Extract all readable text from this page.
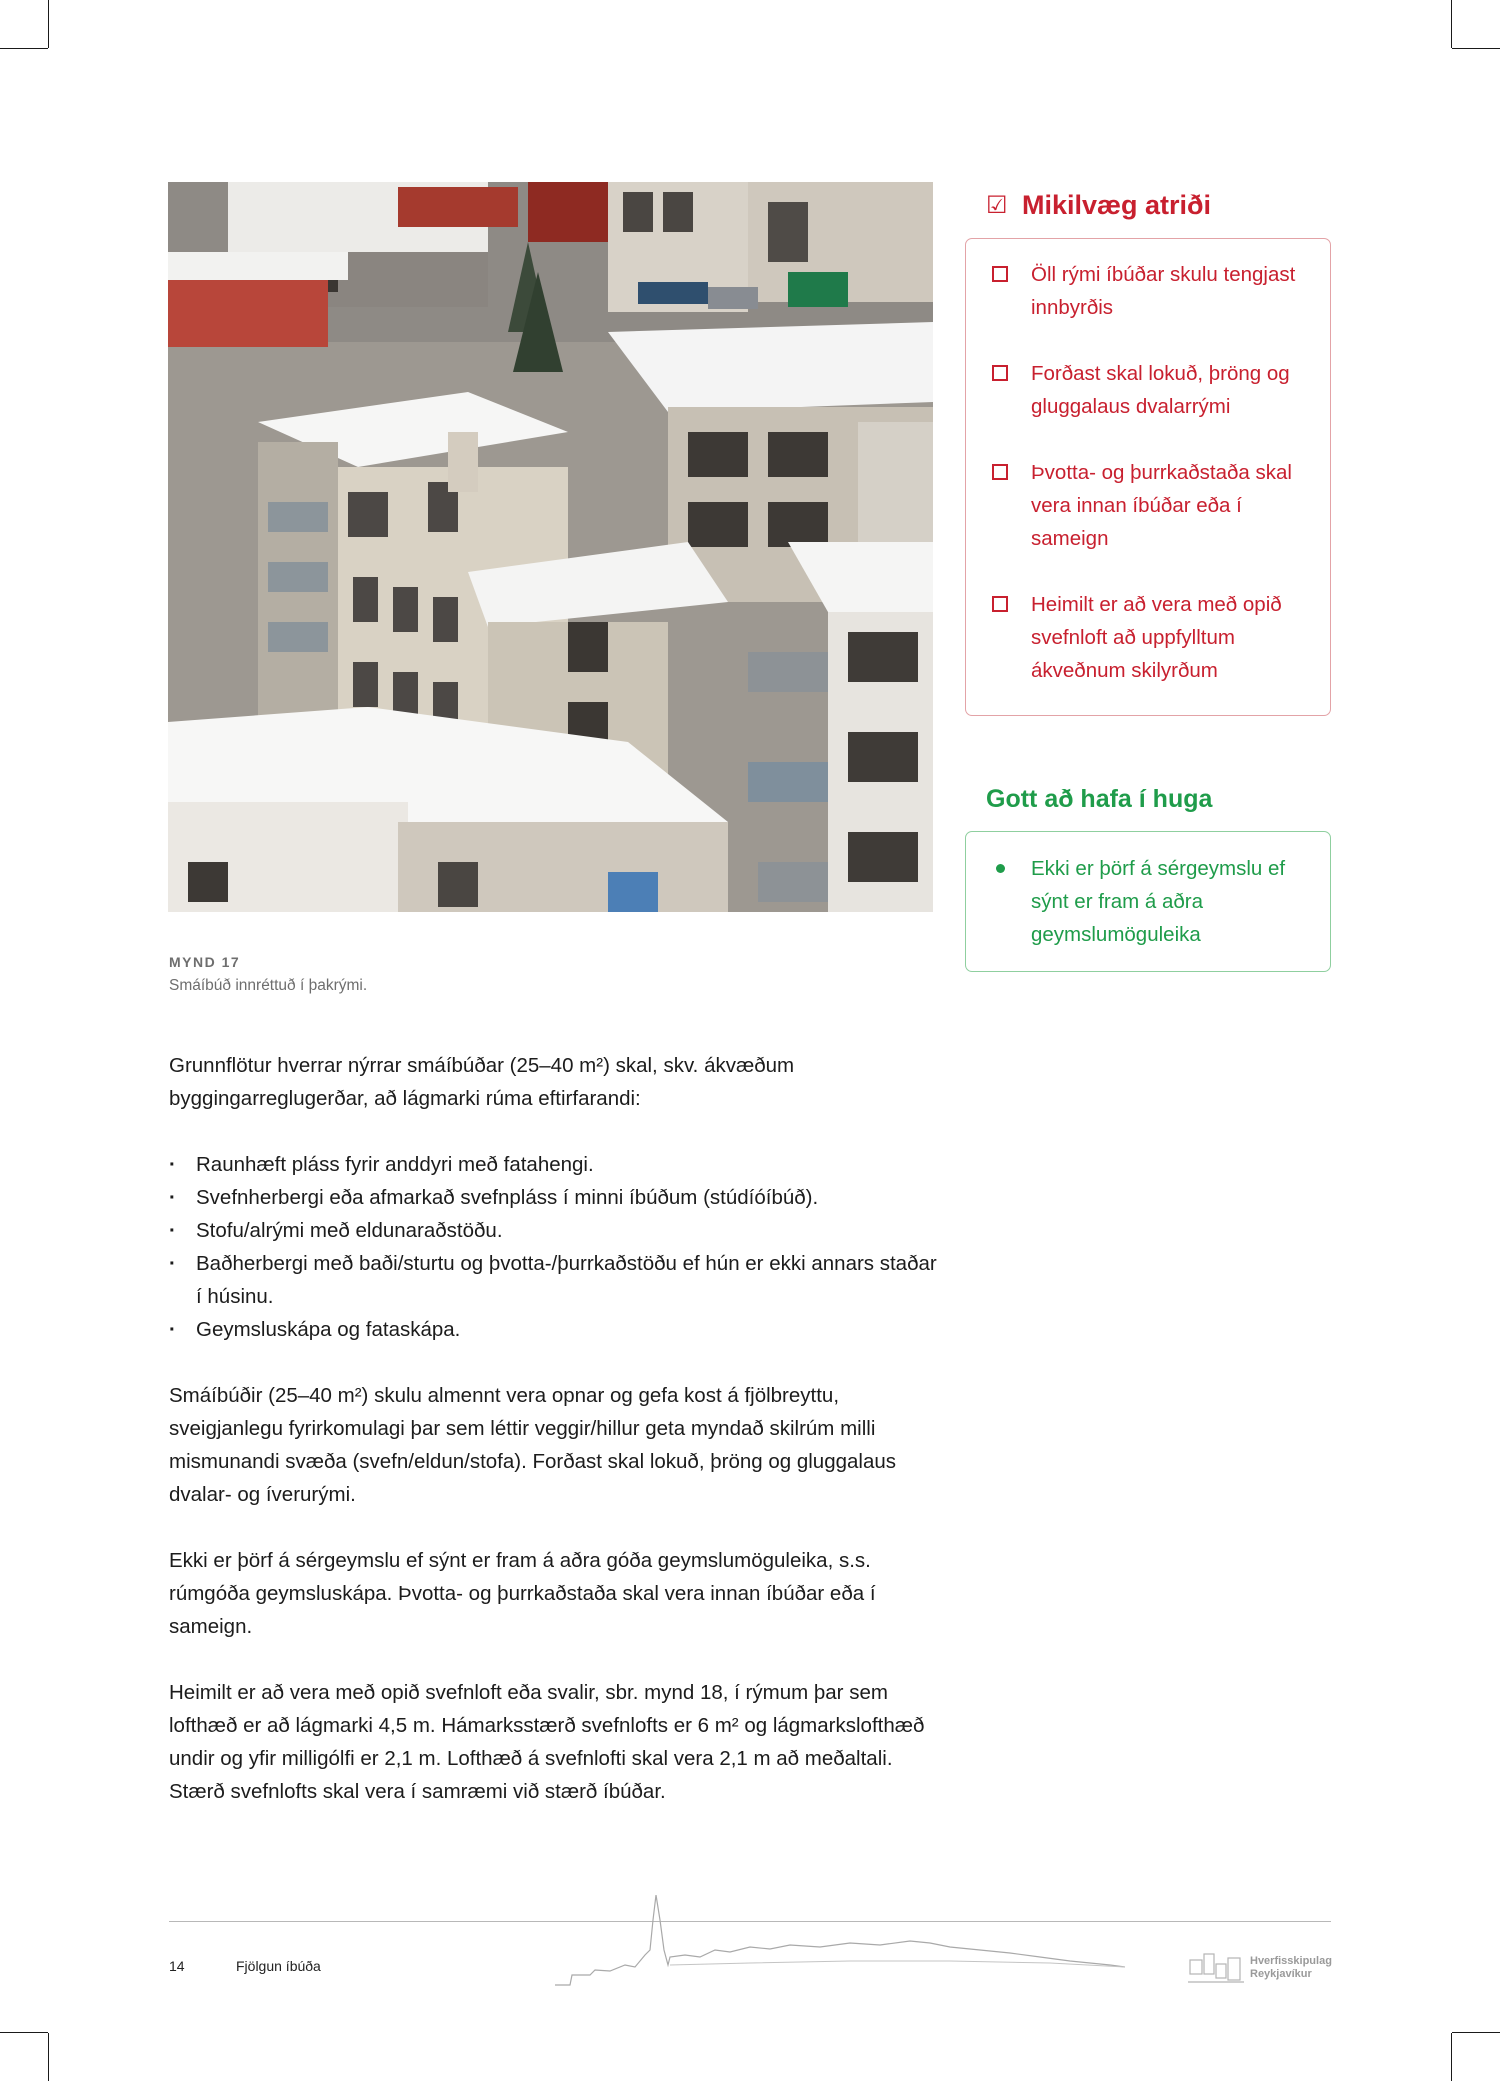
MYND 17
Smáíbúð innréttuð í þakrými.

Grunnflötur hverrar nýrrar smáíbúðar (25–40 m²) skal, skv. ákvæðum byggingarreglugerðar, að lágmarki rúma eftirfarandi:

· Raunhæft pláss fyrir anddyri með fatahengi.
· Svefnherbergi eða afmarkað svefnpláss í minni íbúðum (stúdíóíbúð).
· Stofu/alrými með eldunaraðstöðu.
· Baðherbergi með baði/sturtu og þvotta-/þurrkaðstöðu ef hún er ekki annars staðar í húsinu.
· Geymsluskápa og fataskápa.

Smáíbúðir (25–40 m²) skulu almennt vera opnar og gefa kost á fjölbreyttu, sveigjanlegu fyrirkomulagi þar sem léttir veggir/hillur geta myndað skilrúm milli mismunandi svæða (svefn/eldun/stofa). Forðast skal lokuð, þröng og gluggalaus dvalar- og íverurými.

Ekki er þörf á sérgeymslu ef sýnt er fram á aðra góða geymslumöguleika, s.s. rúmgóða geymsluskápa. Þvotta- og þurrkaðstaða skal vera innan íbúðar eða í sameign.

Heimilt er að vera með opið svefnloft eða svalir, sbr. mynd 18, í rýmum þar sem lofthæð er að lágmarki 4,5 m. Hámarksstærð svefnlofts er 6 m² og lágmarkslofthæð undir og yfir milligólfi er 2,1 m. Lofthæð á svefnlofti skal vera 2,1 m að meðaltali. Stærð svefnlofts skal vera í samræmi við stærð íbúðar.

☑ Mikilvæg atriði
Öll rými íbúðar skulu tengjast innbyrðis
Forðast skal lokuð, þröng og gluggalaus dvalarrými
Þvotta- og þurrkaðstaða skal vera innan íbúðar eða í sameign
Heimilt er að vera með opið svefnloft að uppfylltum ákveðnum skilyrðum
Gott að hafa í huga
Ekki er þörf á sérgeymslu ef sýnt er fram á aðra geymslumöguleika
14	Fjölgun íbúða	Hverfisskipulag
Reykjavíkur
